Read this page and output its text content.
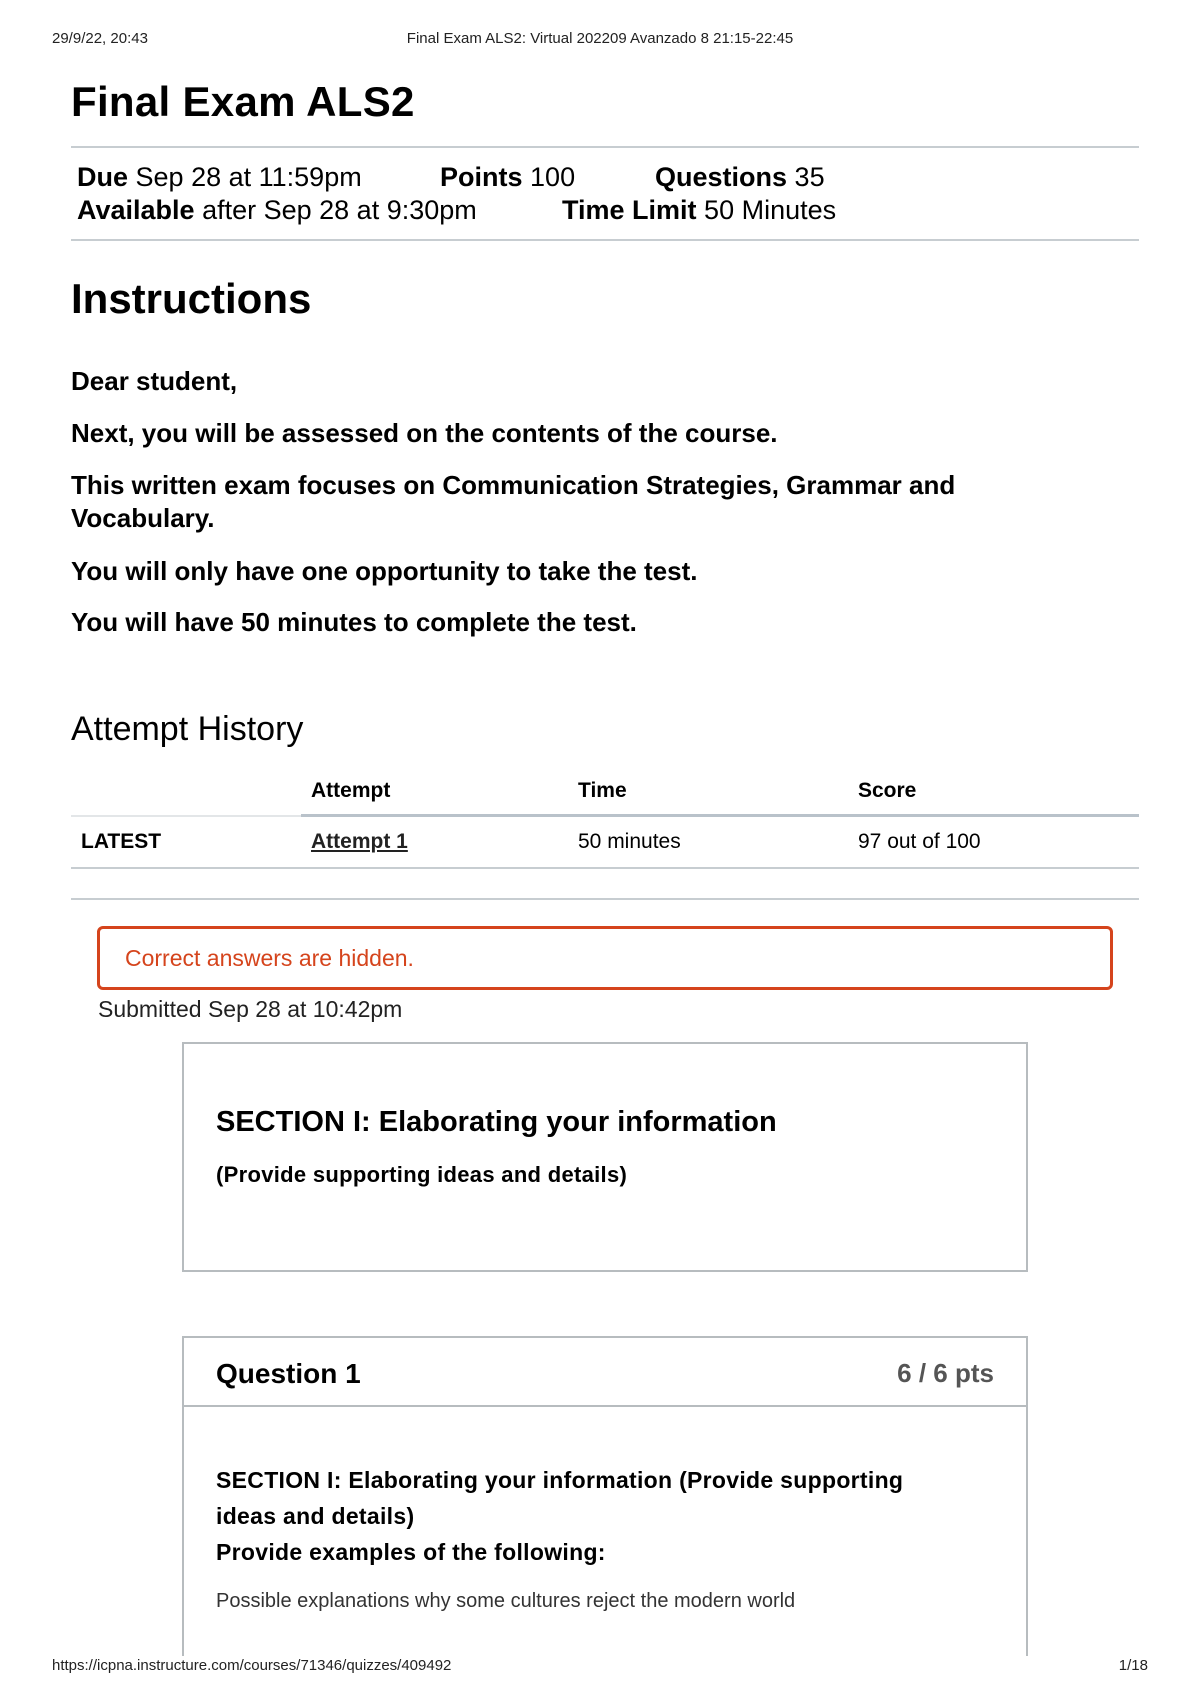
29/9/22, 20:43	Final Exam ALS2: Virtual 202209 Avanzado 8 21:15-22:45
Final Exam ALS2
Due Sep 28 at 11:59pm	Points 100	Questions 35
Available after Sep 28 at 9:30pm	Time Limit 50 Minutes
Instructions

Dear student,

Next, you will be assessed on the contents of the course.

This written exam focuses on Communication Strategies, Grammar and Vocabulary.

You will only have one opportunity to take the test.

You will have 50 minutes to complete the test.

Attempt History
	Attempt	Time	Score
LATEST	Attempt 1	50 minutes	97 out of 100
Correct answers are hidden.
Submitted Sep 28 at 10:42pm
SECTION I: Elaborating your information

(Provide supporting ideas and details)

Question 1	6 / 6 pts

SECTION I: Elaborating your information (Provide supporting ideas and details)

Provide examples of the following:

Possible explanations why some cultures reject the modern world

https://icpna.instructure.com/courses/71346/quizzes/409492	1/18
